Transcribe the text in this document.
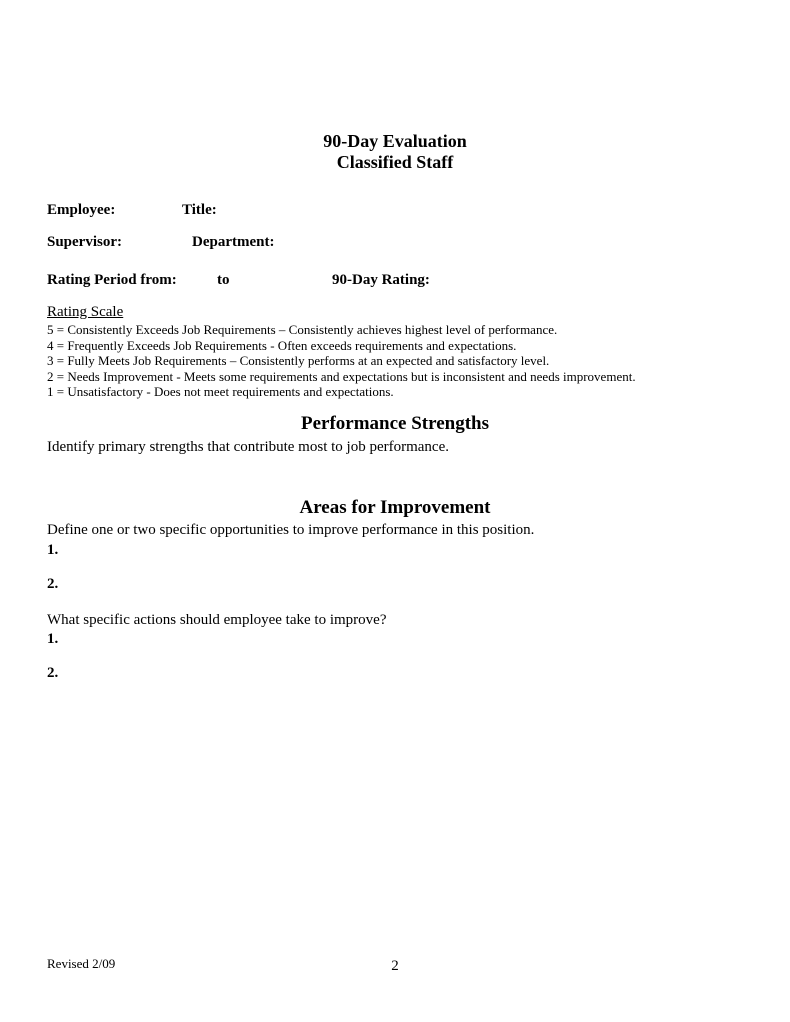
90-Day Evaluation
Classified Staff
Employee:	Title:
Supervisor:	Department:
Rating Period from:	to	90-Day Rating:
Rating Scale
5 = Consistently Exceeds Job Requirements – Consistently achieves highest level of performance.
4 = Frequently Exceeds Job Requirements - Often exceeds requirements and expectations.
3 = Fully Meets Job Requirements – Consistently performs at an expected and satisfactory level.
2 = Needs Improvement - Meets some requirements and expectations but is inconsistent and needs improvement.
1 = Unsatisfactory - Does not meet requirements and expectations.
Performance Strengths
Identify primary strengths that contribute most to job performance.
Areas for Improvement
Define one or two specific opportunities to improve performance in this position.
1.
2.
What specific actions should employee take to improve?
1.
2.
Revised 2/09	2
